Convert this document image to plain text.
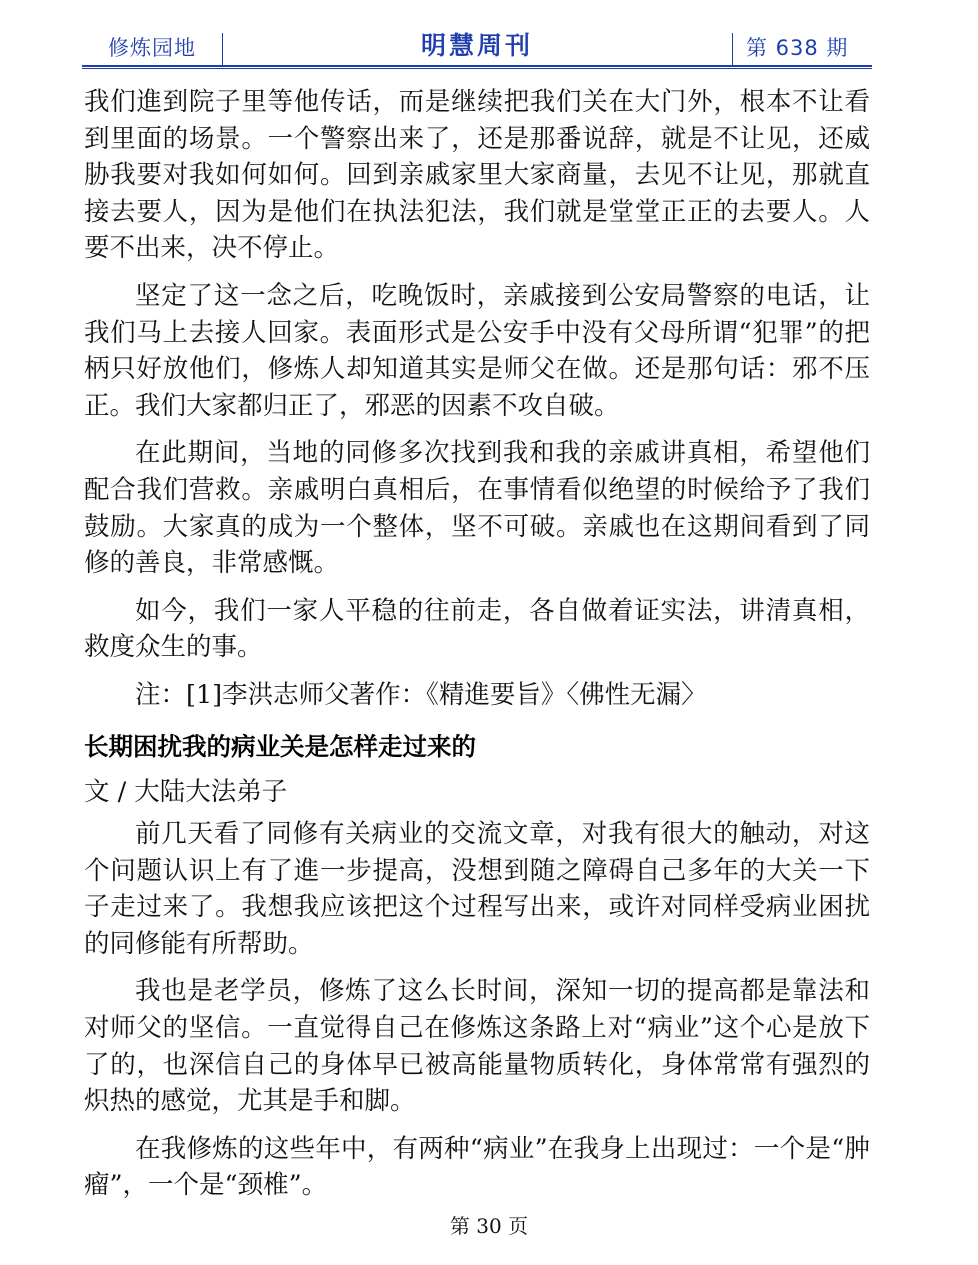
修炼园地	明慧周刊	第 638 期

我们進到院子里等他传话，而是继续把我们关在大门外，根本不让看到里面的场景。一个警察出来了，还是那番说辞，就是不让见，还威胁我要对我如何如何。回到亲戚家里大家商量，去见不让见，那就直接去要人，因为是他们在执法犯法，我们就是堂堂正正的去要人。人要不出来，决不停止。

坚定了这一念之后，吃晚饭时，亲戚接到公安局警察的电话，让我们马上去接人回家。表面形式是公安手中没有父母所谓“犯罪”的把柄只好放他们，修炼人却知道其实是师父在做。还是那句话：邪不压正。我们大家都归正了，邪恶的因素不攻自破。

在此期间，当地的同修多次找到我和我的亲戚讲真相，希望他们配合我们营救。亲戚明白真相后，在事情看似绝望的时候给予了我们鼓励。大家真的成为一个整体，坚不可破。亲戚也在这期间看到了同修的善良，非常感慨。

如今，我们一家人平稳的往前走，各自做着证实法，讲清真相，救度众生的事。

注：[1]李洪志师父著作：《精進要旨》〈佛性无漏〉

长期困扰我的病业关是怎样走过来的

文 / 大陆大法弟子

前几天看了同修有关病业的交流文章，对我有很大的触动，对这个问题认识上有了進一步提高，没想到随之障碍自己多年的大关一下子走过来了。我想我应该把这个过程写出来，或许对同样受病业困扰的同修能有所帮助。

我也是老学员，修炼了这么长时间，深知一切的提高都是靠法和对师父的坚信。一直觉得自己在修炼这条路上对“病业”这个心是放下了的，也深信自己的身体早已被高能量物质转化，身体常常有强烈的炽热的感觉，尤其是手和脚。

在我修炼的这些年中，有两种“病业”在我身上出现过：一个是“肿瘤”，一个是“颈椎”。

第 30 页
